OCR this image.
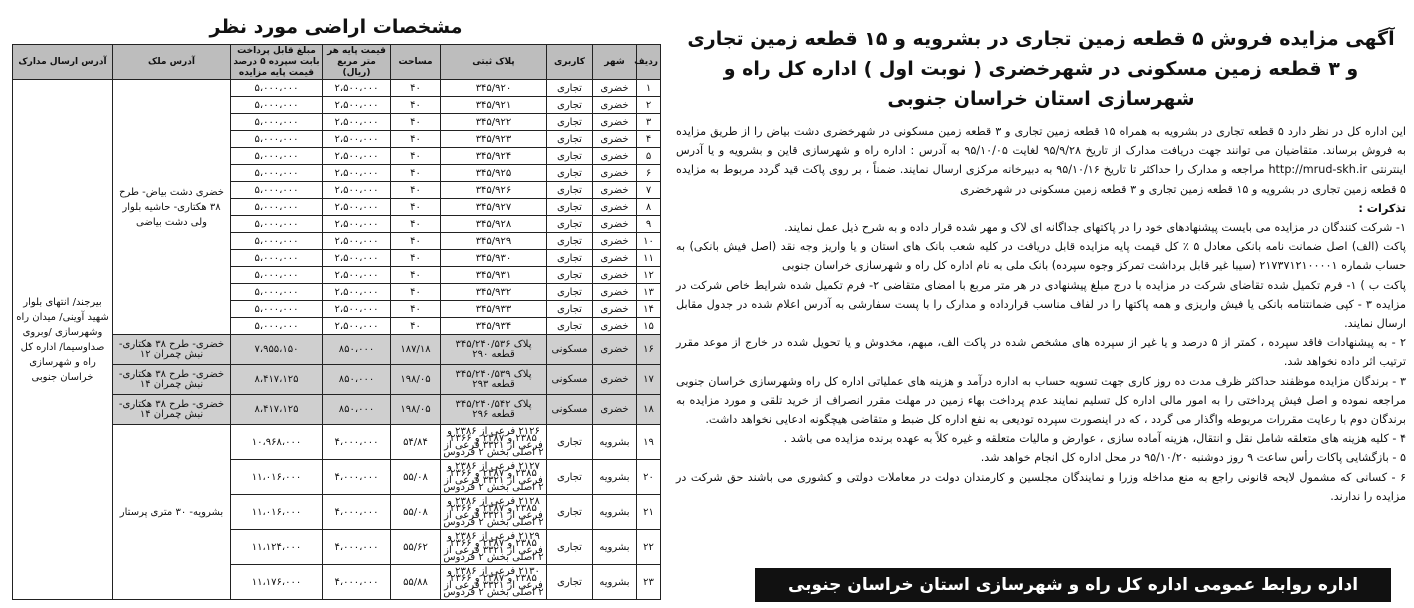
مشخصات اراضی مورد نظر
ردیف	شهر	کاربری	پلاک ثبتی	مساحت	قیمت پایه هر متر مربع (ریال)	مبلغ قابل پرداخت بابت سپرده ۵ درصد قیمت پایه مزایده	آدرس ملک	آدرس ارسال مدارک
۱	خضری	تجاری	۳۴۵/۹۲۰	۴۰	۲،۵۰۰،۰۰۰	۵،۰۰۰،۰۰۰	خضری دشت بیاض- طرح ۳۸ هکتاری- حاشیه بلوار ولی دشت بیاضی	بیرجند/ انتهای بلوار شهید آوینی/ میدان راه وشهرسازی /وبروی صداوسیما/ اداره کل راه و شهرسازی خراسان جنوبی
۲	خضری	تجاری	۳۴۵/۹۲۱	۴۰	۲،۵۰۰،۰۰۰	۵،۰۰۰،۰۰۰		
۳	خضری	تجاری	۳۴۵/۹۲۲	۴۰	۲،۵۰۰،۰۰۰	۵،۰۰۰،۰۰۰		
۴	خضری	تجاری	۳۴۵/۹۲۳	۴۰	۲،۵۰۰،۰۰۰	۵،۰۰۰،۰۰۰		
۵	خضری	تجاری	۳۴۵/۹۲۴	۴۰	۲،۵۰۰،۰۰۰	۵،۰۰۰،۰۰۰		
۶	خضری	تجاری	۳۴۵/۹۲۵	۴۰	۲،۵۰۰،۰۰۰	۵،۰۰۰،۰۰۰		
۷	خضری	تجاری	۳۴۵/۹۲۶	۴۰	۲،۵۰۰،۰۰۰	۵،۰۰۰،۰۰۰		
۸	خضری	تجاری	۳۴۵/۹۲۷	۴۰	۲،۵۰۰،۰۰۰	۵،۰۰۰،۰۰۰		
۹	خضری	تجاری	۳۴۵/۹۲۸	۴۰	۲،۵۰۰،۰۰۰	۵،۰۰۰،۰۰۰		
۱۰	خضری	تجاری	۳۴۵/۹۲۹	۴۰	۲،۵۰۰،۰۰۰	۵،۰۰۰،۰۰۰		
۱۱	خضری	تجاری	۳۴۵/۹۳۰	۴۰	۲،۵۰۰،۰۰۰	۵،۰۰۰،۰۰۰		
۱۲	خضری	تجاری	۳۴۵/۹۳۱	۴۰	۲،۵۰۰،۰۰۰	۵،۰۰۰،۰۰۰		
۱۳	خضری	تجاری	۳۴۵/۹۳۲	۴۰	۲،۵۰۰،۰۰۰	۵،۰۰۰،۰۰۰		
۱۴	خضری	تجاری	۳۴۵/۹۳۳	۴۰	۲،۵۰۰،۰۰۰	۵،۰۰۰،۰۰۰		
۱۵	خضری	تجاری	۳۴۵/۹۳۴	۴۰	۲،۵۰۰،۰۰۰	۵،۰۰۰،۰۰۰		
۱۶	خضری	مسکونی	پلاک ۳۴۵/۲۴۰/۵۳۶ قطعه ۲۹۰	۱۸۷/۱۸	۸۵۰،۰۰۰	۷،۹۵۵،۱۵۰	خضری- طرح ۳۸ هکتاری- نبش چمران ۱۲	
۱۷	خضری	مسکونی	پلاک ۳۴۵/۲۴۰/۵۳۹ قطعه ۲۹۳	۱۹۸/۰۵	۸۵۰،۰۰۰	۸،۴۱۷،۱۲۵	خضری- طرح ۳۸ هکتاری- نبش چمران ۱۴	
۱۸	خضری	مسکونی	پلاک ۳۴۵/۲۴۰/۵۴۲ قطعه ۲۹۶	۱۹۸/۰۵	۸۵۰،۰۰۰	۸،۴۱۷،۱۲۵	خضری- طرح ۳۸ هکتاری- نبش چمران ۱۴	
۱۹	بشرویه	تجاری	۲۱۲۶ فرعی از ۲۳۸۶ و ۲۳۸۵ و ۲۳۸۷ و ۲۳۶۶ فرعی از ۳۳۲۱ فرعی از ۲ اصلی بخش ۲ فردوس	۵۴/۸۴	۴،۰۰۰،۰۰۰	۱۰،۹۶۸،۰۰۰	بشرویه- ۳۰ متری پرستار	
۲۰	بشرویه	تجاری	۲۱۲۷ فرعی از ۲۳۸۶ و ۲۳۸۵ و ۲۳۸۷ و ۲۳۶۶ فرعی از ۳۳۲۱ فرعی از ۲ اصلی بخش ۲ فردوس	۵۵/۰۸	۴،۰۰۰،۰۰۰	۱۱،۰۱۶،۰۰۰		
۲۱	بشرویه	تجاری	۲۱۲۸ فرعی از ۲۳۸۶ و ۲۳۸۵ و ۲۳۸۷ و ۲۳۶۶ فرعی از ۳۳۲۱ فرعی از ۲ اصلی بخش ۲ فردوس	۵۵/۰۸	۴،۰۰۰،۰۰۰	۱۱،۰۱۶،۰۰۰		
۲۲	بشرویه	تجاری	۲۱۲۹ فرعی از ۲۳۸۶ و ۲۳۸۵ و ۲۳۸۷ و ۲۳۶۶ فرعی از ۳۳۲۱ فرعی از ۲ اصلی بخش ۲ فردوس	۵۵/۶۲	۴،۰۰۰،۰۰۰	۱۱،۱۲۴،۰۰۰		
۲۳	بشرویه	تجاری	۲۱۳۰ فرعی از ۲۳۸۶ و ۲۳۸۵ و ۲۳۸۷ و ۲۳۶۶ فرعی از ۳۳۲۱ فرعی از ۲ اصلی بخش ۲ فردوس	۵۵/۸۸	۴،۰۰۰،۰۰۰	۱۱،۱۷۶،۰۰۰		
آگهی مزایده فروش ۵ قطعه زمین تجاری در بشرویه و ۱۵ قطعه زمین تجاری
و ۳ قطعه زمین مسکونی در شهرخضری ( نوبت اول ) اداره کل راه و شهرسازی استان خراسان جنوبی

این اداره کل در نظر دارد ۵ قطعه تجاری در بشرویه به همراه ۱۵ قطعه زمین تجاری و ۳ قطعه زمین مسکونی در شهرخضری دشت بیاض را از طریق مزایده به فروش برساند. متقاضیان می توانند جهت دریافت مدارک از تاریخ ۹۵/۹/۲۸ لغایت ۹۵/۱۰/۰۵ به آدرس : اداره راه و شهرسازی قاین و بشرویه و یا آدرس اینترنتی http://mrud-skh.ir مراجعه و مدارک را حداکثر تا تاریخ ۹۵/۱۰/۱۶ به دبیرخانه مرکزی ارسال نمایند. ضمناً ، بر روی پاکت قید گردد مربوط به مزایده ۵ قطعه زمین تجاری در بشرویه و ۱۵ قطعه زمین تجاری و ۳ قطعه زمین مسکونی در شهرخضری

تذکرات :

۱- شرکت کنندگان در مزایده می بایست پیشنهادهای خود را در پاکتهای جداگانه ای لاک و مهر شده قرار داده و به شرح ذیل عمل نمایند.

پاکت (الف) اصل ضمانت نامه بانکی معادل ۵ ٪ کل قیمت پایه مزایده قابل دریافت در کلیه شعب بانک های استان و یا واریز وجه نقد (اصل فیش بانکی) به حساب شماره ۲۱۷۳۷۱۲۱۰۰۰۰۱ (سیبا غیر قابل برداشت تمرکز وجوه سپرده) بانک ملی به نام اداره کل راه و شهرسازی خراسان جنوبی

پاکت ب ) ۱- فرم تکمیل شده تقاضای شرکت در مزایده با درج مبلغ پیشنهادی در هر متر مربع با امضای متقاضی ۲- فرم تکمیل شده شرایط خاص شرکت در مزایده ۳ - کپی ضمانتنامه بانکی یا فیش واریزی و همه پاکتها را در لفاف مناسب قرارداده و مدارک را با پست سفارشی به آدرس اعلام شده در جدول مقابل ارسال نمایند.

۲ - به پیشنهادات فاقد سپرده ، کمتر از ۵ درصد و یا غیر از سپرده های مشخص شده در پاکت الف، مبهم، مخدوش و یا تحویل شده در خارج از موعد مقرر ترتیب اثر داده نخواهد شد.

۳ - برندگان مزایده موظفند حداکثر ظرف مدت ده روز کاری جهت تسویه حساب به اداره درآمد و هزینه های عملیاتی اداره کل راه وشهرسازی خراسان جنوبی مراجعه نموده و اصل فیش پرداختی را به امور مالی اداره کل تسلیم نمایند عدم پرداخت بهاء زمین در مهلت مقرر انصراف از خرید تلقی و مورد مزایده به برندگان دوم با رعایت مقررات مربوطه واگذار می گردد ، که در اینصورت سپرده تودیعی به نفع اداره کل ضبط و متقاضی هیچگونه ادعایی نخواهد داشت.

۴ - کلیه هزینه های متعلقه شامل نقل و انتقال، هزینه آماده سازی ، عوارض و مالیات متعلقه و غیره کلاً به عهده برنده مزایده می باشد .

۵ - بازگشایی پاکات رأس ساعت ۹ روز دوشنبه ۹۵/۱۰/۲۰ در محل اداره کل انجام خواهد شد.

۶ - کسانی که مشمول لایحه قانونی راجع به منع مداخله وزرا و نمایندگان مجلسین و کارمندان دولت در معاملات دولتی و کشوری می باشند حق شرکت در مزایده را ندارند.

اداره روابط عمومی اداره کل راه و شهرسازی استان خراسان جنوبی
